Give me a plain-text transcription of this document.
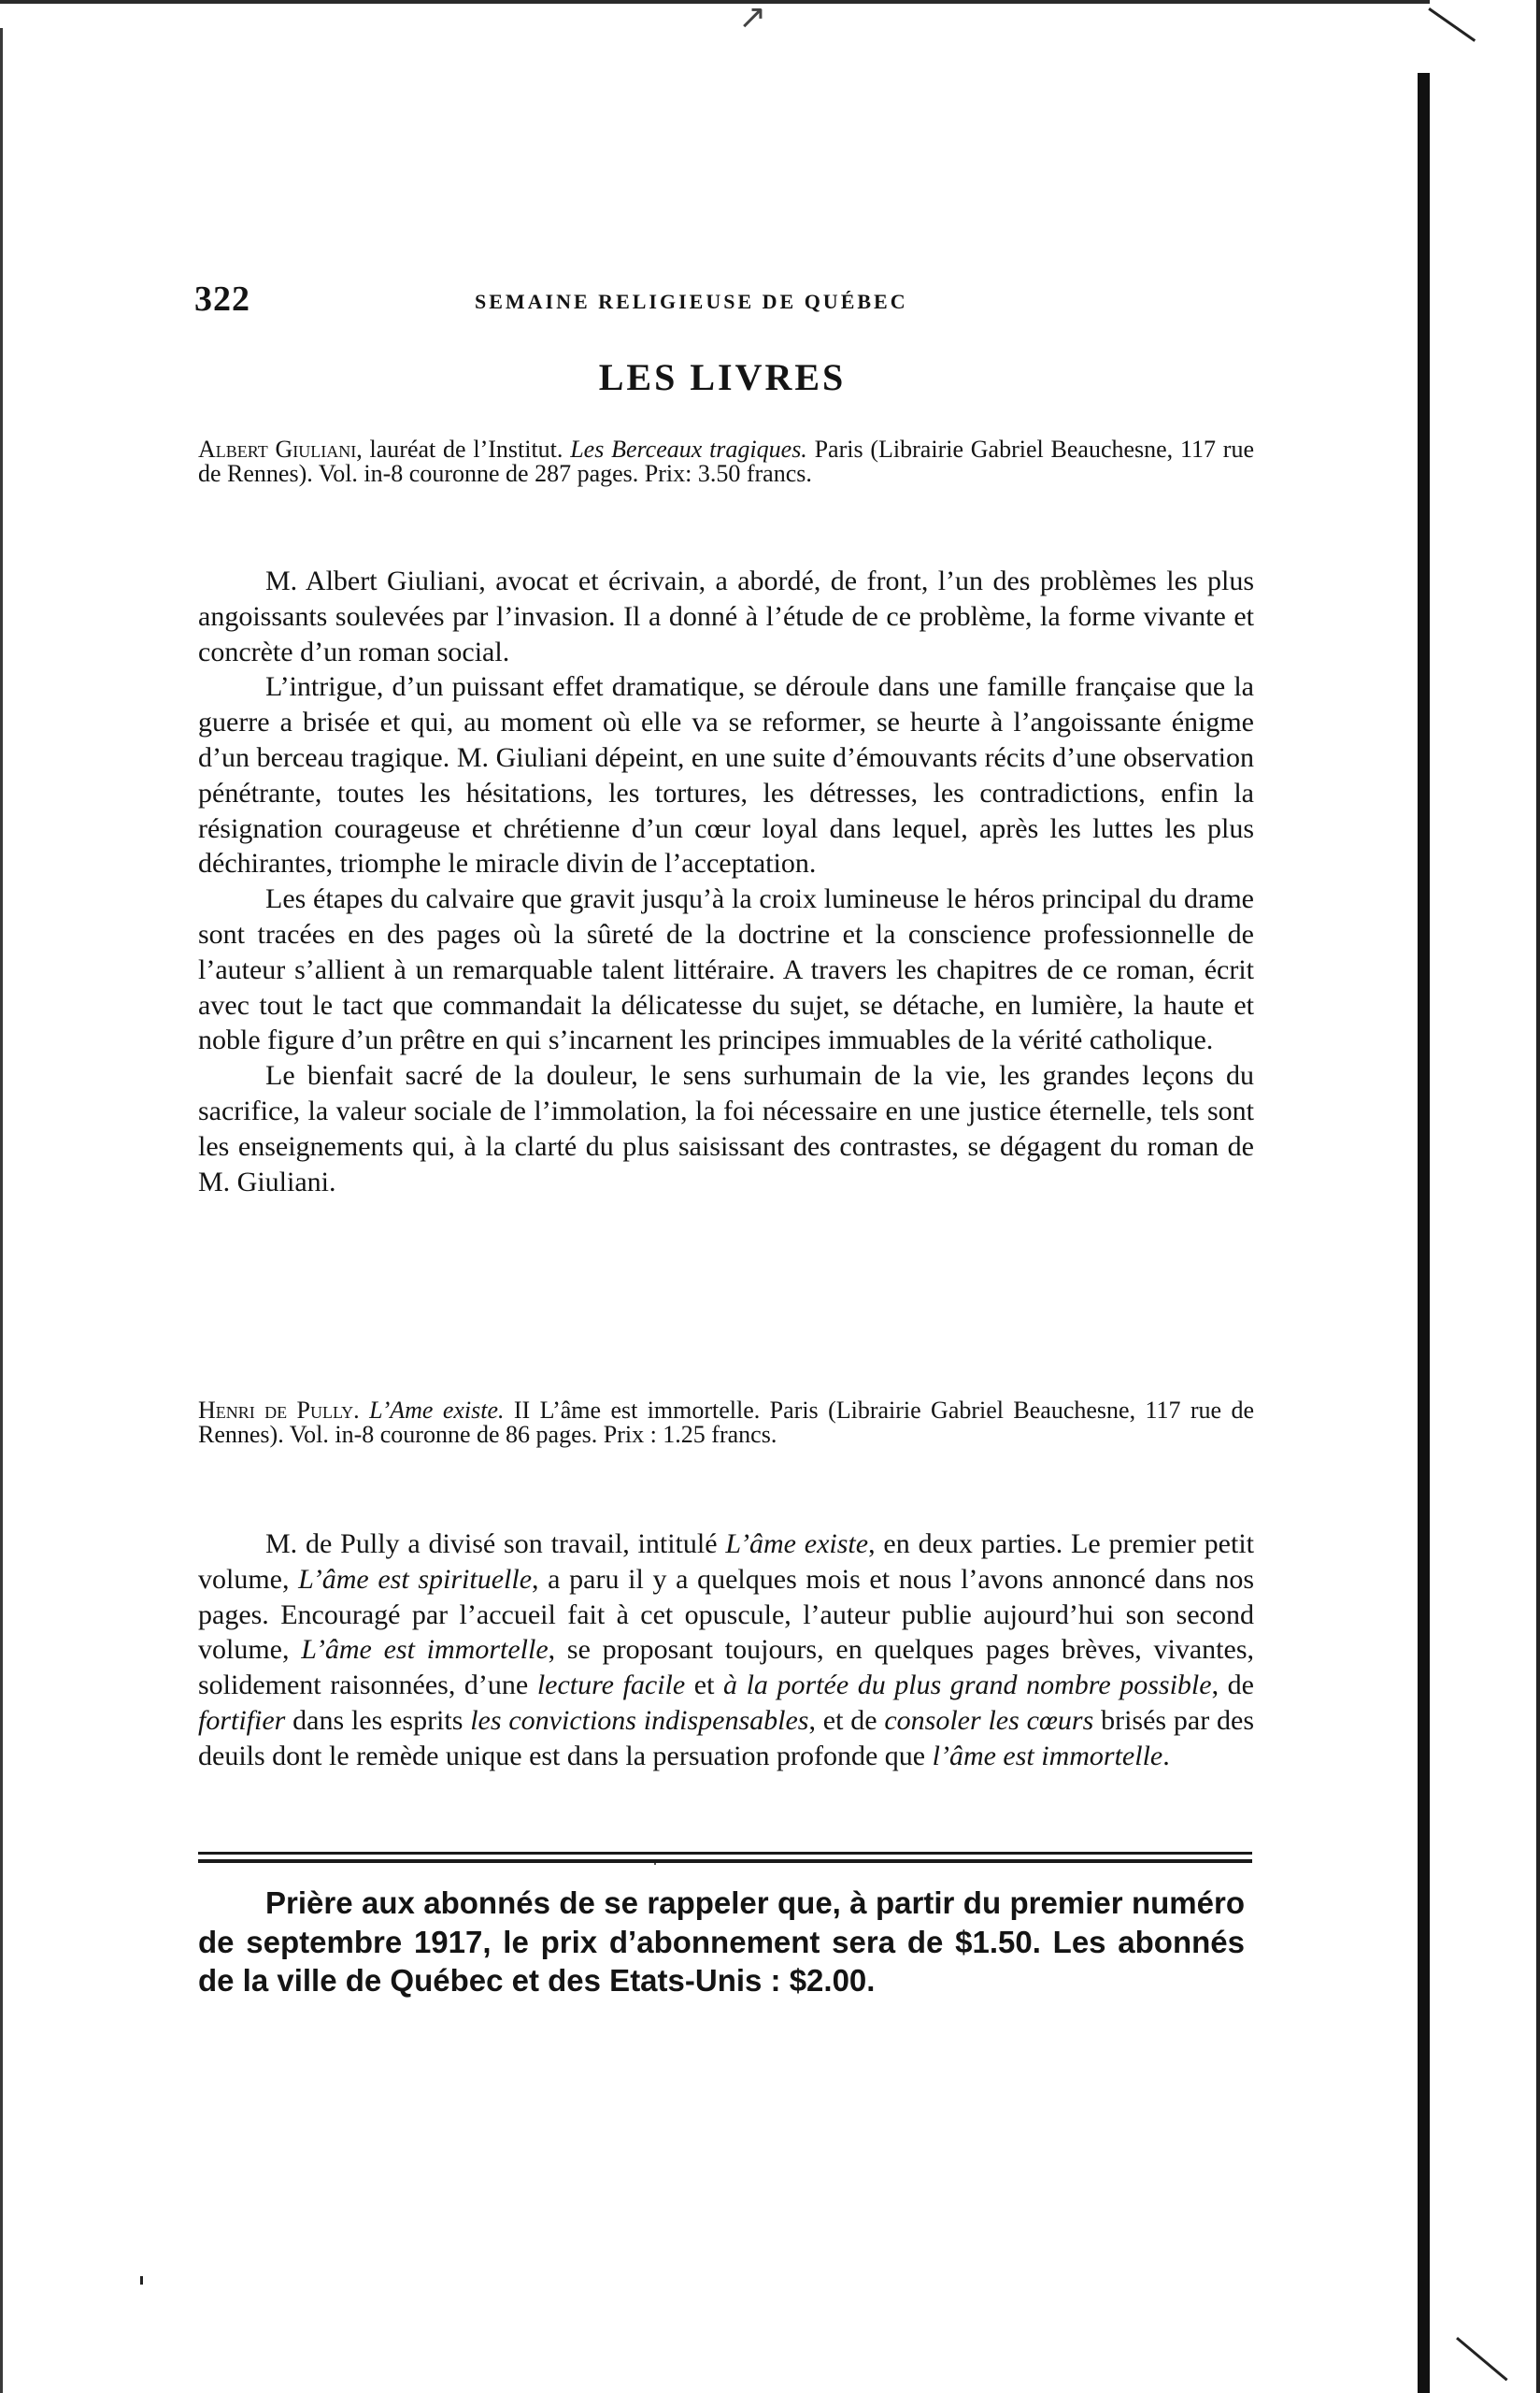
↗
322	SEMAINE RELIGIEUSE DE QUÉBEC
LES LIVRES
Albert Giuliani, lauréat de l’Institut. Les Berceaux tragiques. Paris (Librairie Gabriel Beauchesne, 117 rue de Rennes). Vol. in-8 couronne de 287 pages. Prix: 3.50 francs.

M. Albert Giuliani, avocat et écrivain, a abordé, de front, l’un des problèmes les plus angoissants soulevées par l’invasion. Il a donné à l’étude de ce problème, la forme vivante et concrète d’un roman social.

L’intrigue, d’un puissant effet dramatique, se déroule dans une famille française que la guerre a brisée et qui, au moment où elle va se reformer, se heurte à l’angoissante énigme d’un berceau tragique. M. Giuliani dépeint, en une suite d’émouvants récits d’une observation pénétrante, toutes les hésitations, les tortures, les détresses, les contradictions, enfin la résignation courageuse et chrétienne d’un cœur loyal dans lequel, après les luttes les plus déchirantes, triomphe le miracle divin de l’acceptation.

Les étapes du calvaire que gravit jusqu’à la croix lumineuse le héros principal du drame sont tracées en des pages où la sûreté de la doctrine et la conscience professionnelle de l’auteur s’allient à un remarquable talent littéraire. A travers les chapitres de ce roman, écrit avec tout le tact que commandait la délicatesse du sujet, se détache, en lumière, la haute et noble figure d’un prêtre en qui s’incarnent les principes immuables de la vérité catholique.

Le bienfait sacré de la douleur, le sens surhumain de la vie, les grandes leçons du sacrifice, la valeur sociale de l’immolation, la foi nécessaire en une justice éternelle, tels sont les enseignements qui, à la clarté du plus saisissant des contrastes, se dégagent du roman de M. Giuliani.

Henri de Pully. L’Ame existe. II L’âme est immortelle. Paris (Librairie Gabriel Beauchesne, 117 rue de Rennes). Vol. in-8 couronne de 86 pages. Prix : 1.25 francs.

M. de Pully a divisé son travail, intitulé L’âme existe, en deux parties. Le premier petit volume, L’âme est spirituelle, a paru il y a quelques mois et nous l’avons annoncé dans nos pages. Encouragé par l’accueil fait à cet opuscule, l’auteur publie aujourd’hui son second volume, L’âme est immortelle, se proposant toujours, en quelques pages brèves, vivantes, solidement raisonnées, d’une lecture facile et à la portée du plus grand nombre possible, de fortifier dans les esprits les convictions indispensables, et de consoler les cœurs brisés par des deuils dont le remède unique est dans la persuation profonde que l’âme est immortelle.

Prière aux abonnés de se rappeler que, à partir du premier numéro de septembre 1917, le prix d’abonnement sera de $1.50. Les abonnés de la ville de Québec et des Etats-Unis : $2.00.
